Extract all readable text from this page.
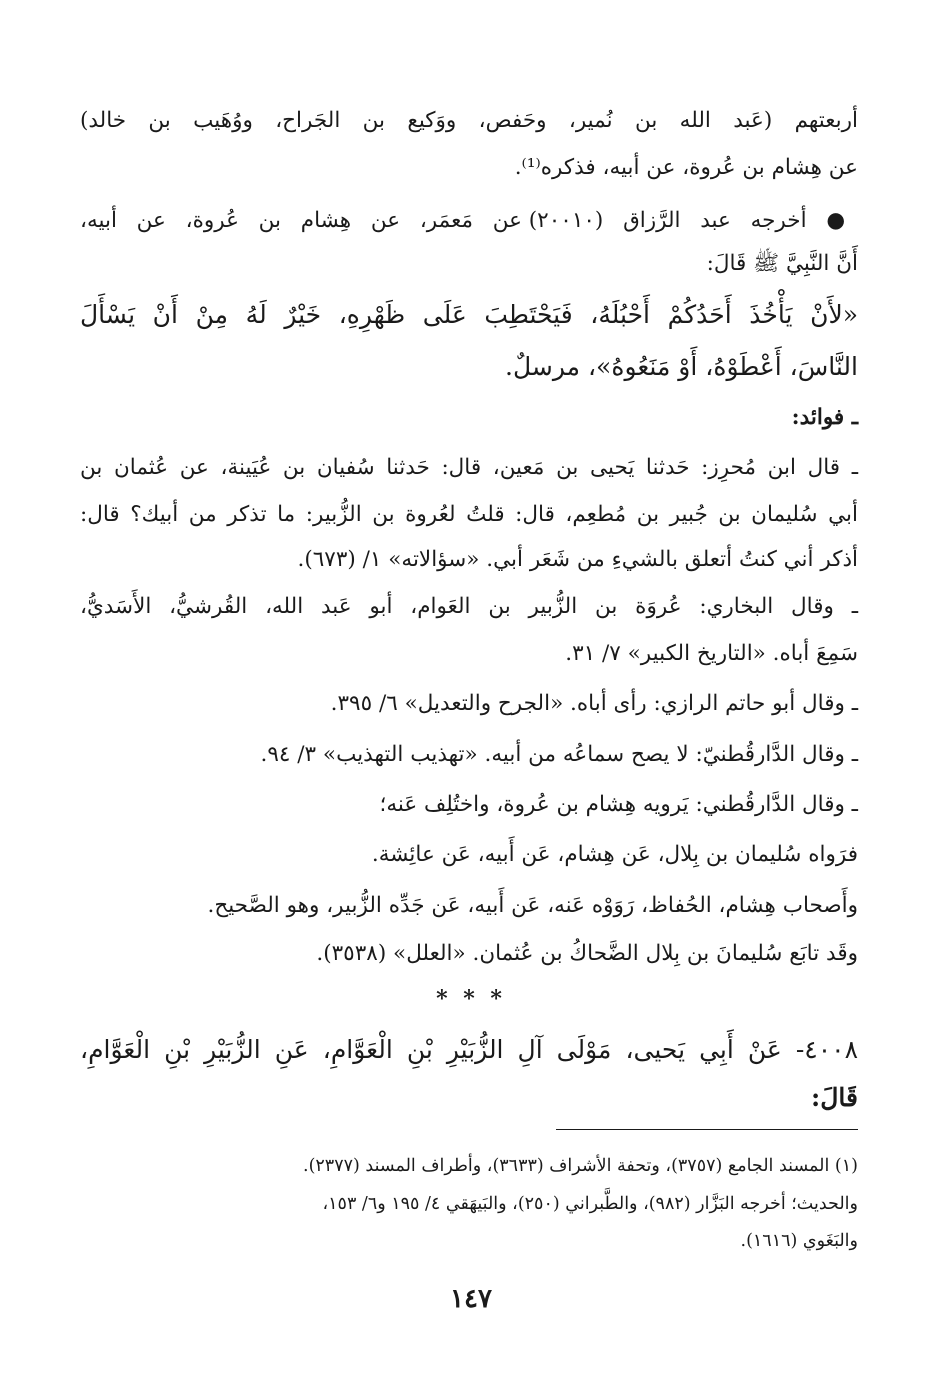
أربعتهم (عَبد الله بن نُمير، وحَفص، ووَكيع بن الجَراح، ووُهَيب بن خالد)
عن هِشام بن عُروة، عن أبيه، فذكره⁽¹⁾.
● أخرجه عبد الرَّزاق (٢٠٠١٠) عن مَعمَر، عن هِشام بن عُروة، عن أبيه،
أَنَّ النَّبِيَّ ﷺ قَالَ:
«لأَنْ يَأْخُذَ أَحَدُكُمْ أَحْبُلَهُ، فَيَحْتَطِبَ عَلَى ظَهْرِهِ، خَيْرٌ لَهُ مِنْ أَنْ يَسْأَلَ
النَّاسَ، أَعْطَوْهُ، أَوْ مَنَعُوهُ»، مرسلٌ.
ـ فوائد:
ـ قال ابن مُحرِز: حَدثنا يَحيى بن مَعين، قال: حَدثنا سُفيان بن عُيَينة، عن عُثمان بن
أبي سُليمان بن جُبير بن مُطعِم، قال: قلتُ لعُروة بن الزُّبير: ما تذكر من أبيك؟ قال:
أذكر أني كنتُ أتعلق بالشيءِ من شَعَر أبي. «سؤالاته» ١/ (٦٧٣).
ـ وقال البخاري: عُروَة بن الزُّبير بن العَوام، أبو عَبد الله، القُرشيُّ، الأَسَديُّ،
سَمِعَ أباه. «التاريخ الكبير» ٧/ ٣١.
ـ وقال أبو حاتم الرازي: رأى أباه. «الجرح والتعديل» ٦/ ٣٩٥.
ـ وقال الدَّارقُطنيّ: لا يصح سماعُه من أبيه. «تهذيب التهذيب» ٣/ ٩٤.
ـ وقال الدَّارقُطني: يَرويه هِشام بن عُروة، واختُلِف عَنه؛
فرَواه سُليمان بن بِلال، عَن هِشام، عَن أَبيه، عَن عائِشة.
وأَصحاب هِشام، الحُفاظ، رَوَوْه عَنه، عَن أَبيه، عَن جَدِّه الزُّبير، وهو الصَّحيح.
وقَد تابَع سُليمانَ بن بِلال الضَّحاكُ بن عُثمان. «العلل» (٣٥٣٨).
* * *
٤٠٠٨- عَنْ أَبِي يَحيى، مَوْلَى آلِ الزُّبَيْرِ بْنِ الْعَوَّامِ، عَنِ الزُّبَيْرِ بْنِ الْعَوَّامِ،
قَالَ:
(١) المسند الجامع (٣٧٥٧)، وتحفة الأشراف (٣٦٣٣)، وأطراف المسند (٢٣٧٧).
والحديث؛ أخرجه البَزَّار (٩٨٢)، والطَّبراني (٢٥٠)، والبَيهَقي ٤/ ١٩٥ و٦/ ١٥٣،
والبَغَوي (١٦١٦).
١٤٧
